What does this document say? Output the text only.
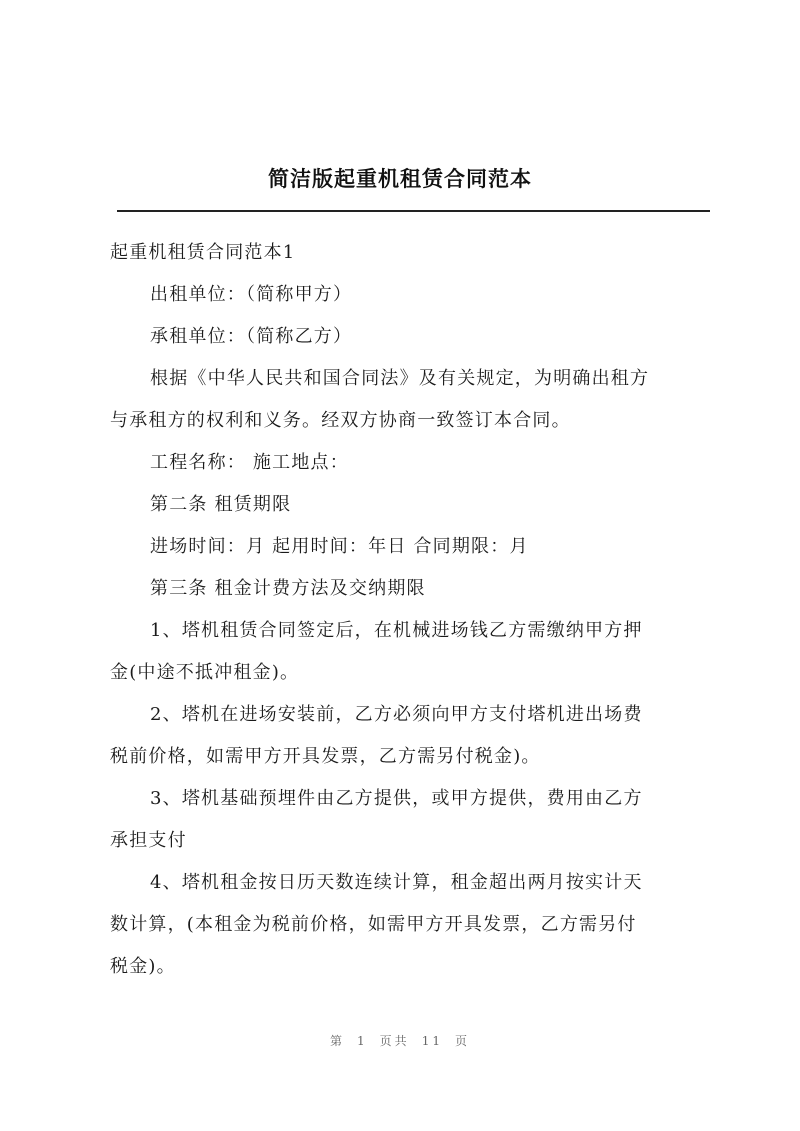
简洁版起重机租赁合同范本

起重机租赁合同范本1

出租单位：（简称甲方）

承租单位：（简称乙方）

根据《中华人民共和国合同法》及有关规定，为明确出租方
与承租方的权利和义务。经双方协商一致签订本合同。

工程名称： 施工地点：

第二条 租赁期限

进场时间：月 起用时间：年日 合同期限：月

第三条 租金计费方法及交纳期限

1、塔机租赁合同签定后，在机械进场钱乙方需缴纳甲方押
金(中途不抵冲租金)。

2、塔机在进场安装前，乙方必须向甲方支付塔机进出场费
税前价格，如需甲方开具发票，乙方需另付税金)。

3、塔机基础预埋件由乙方提供，或甲方提供，费用由乙方
承担支付

4、塔机租金按日历天数连续计算，租金超出两月按实计天
数计算，(本租金为税前价格，如需甲方开具发票，乙方需另付
税金)。

第 1 页共 11 页
